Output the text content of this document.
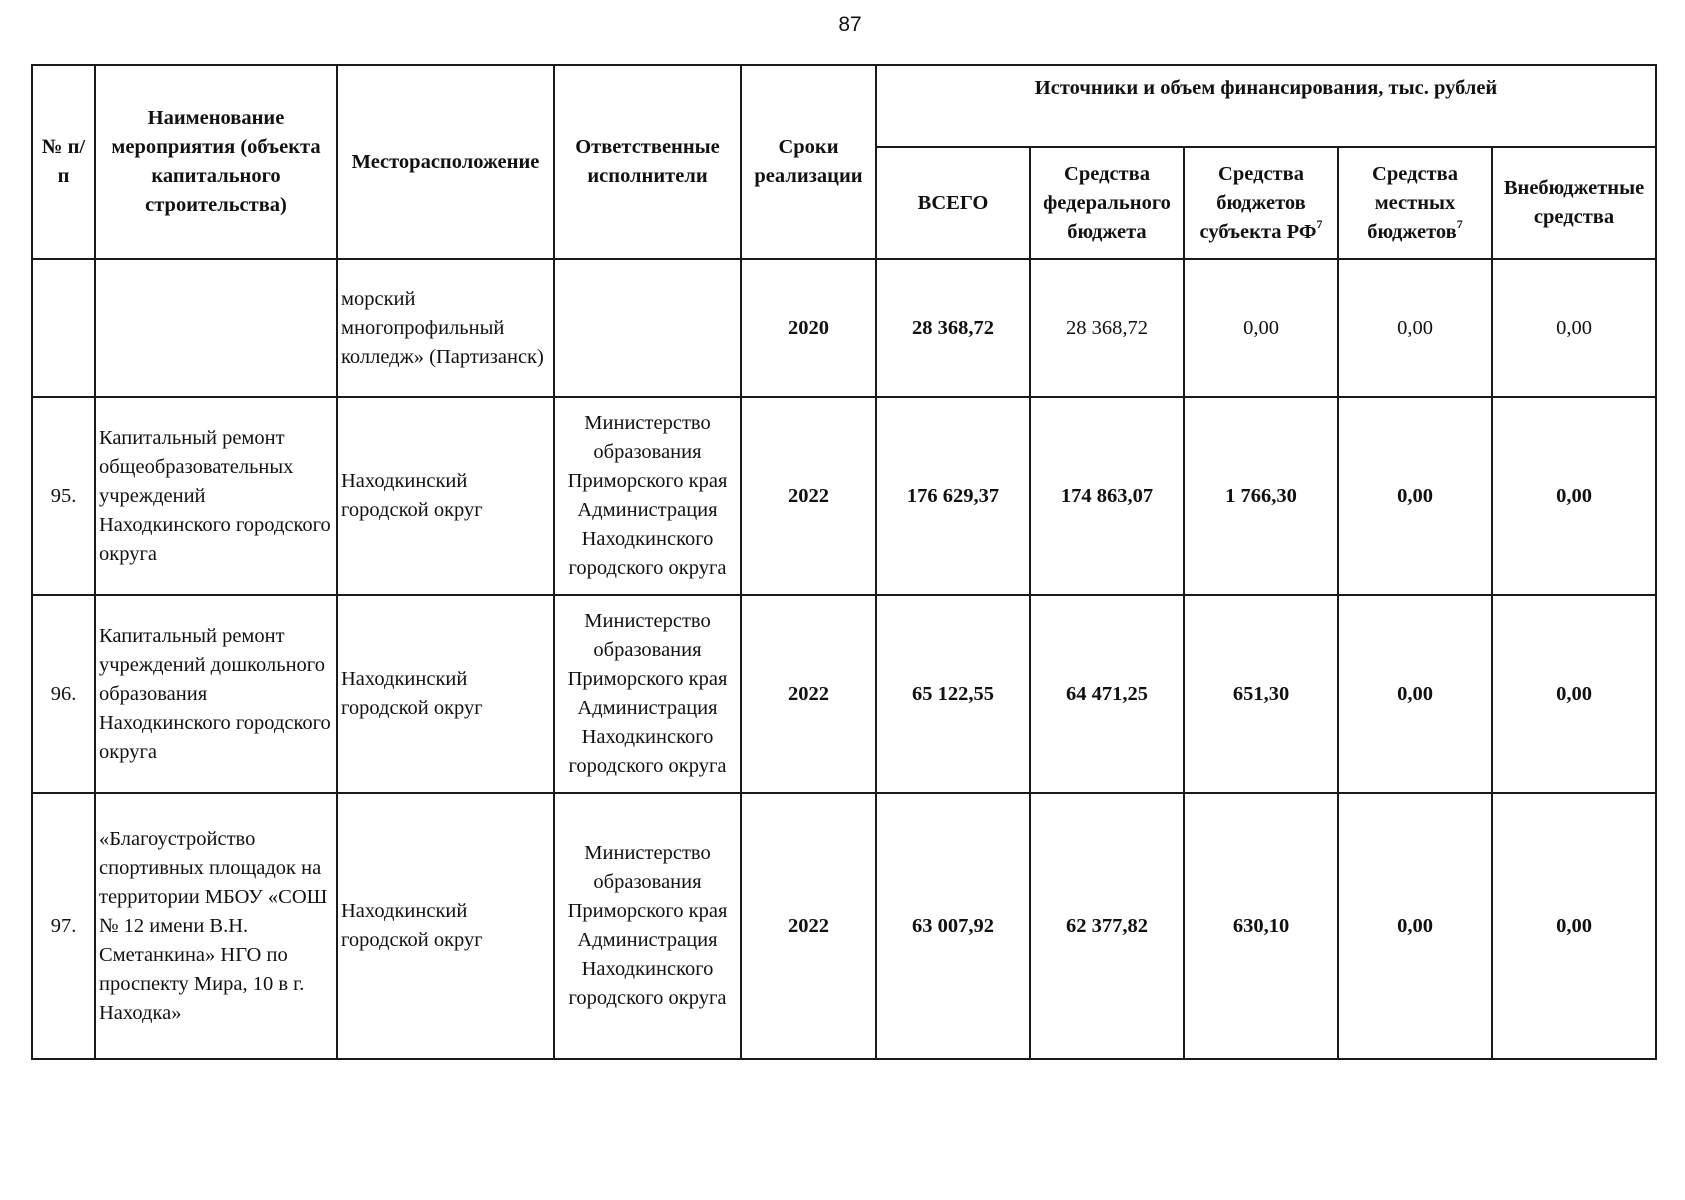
87
№ п/п	Наименование мероприятия (объекта капитального строительства)	Месторасположение	Ответственные исполнители	Сроки реализации	Источники и объем финансирования, тыс. рублей				
					ВСЕГО	Средства федерального бюджета	Средства бюджетов субъекта $РФ^7$	Средства местных бюджетов$^7$	Внебюджетные средства
		морский многопрофильный колледж» (Партизанск)		2020	28 368,72	28 368,72	0,00	0,00	0,00
95.	Капитальный ремонт общеобразовательных учреждений Находкинского городского округа	Находкинский городской округ	Министерство образования Приморского края Администрация Находкинского городского округа	2022	176 629,37	174 863,07	1 766,30	0,00	0,00
96.	Капитальный ремонт учреждений дошкольного образования Находкинского городского округа	Находкинский городской округ	Министерство образования Приморского края Администрация Находкинского городского округа	2022	65 122,55	64 471,25	651,30	0,00	0,00
97.	«Благоустройство спортивных площадок на территории МБОУ «СОШ № 12 имени В.Н. Сметанкина» НГО по проспекту Мира, 10 в г. Находка»	Находкинский городской округ	Министерство образования Приморского края Администрация Находкинского городского округа	2022	63 007,92	62 377,82	630,10	0,00	0,00
